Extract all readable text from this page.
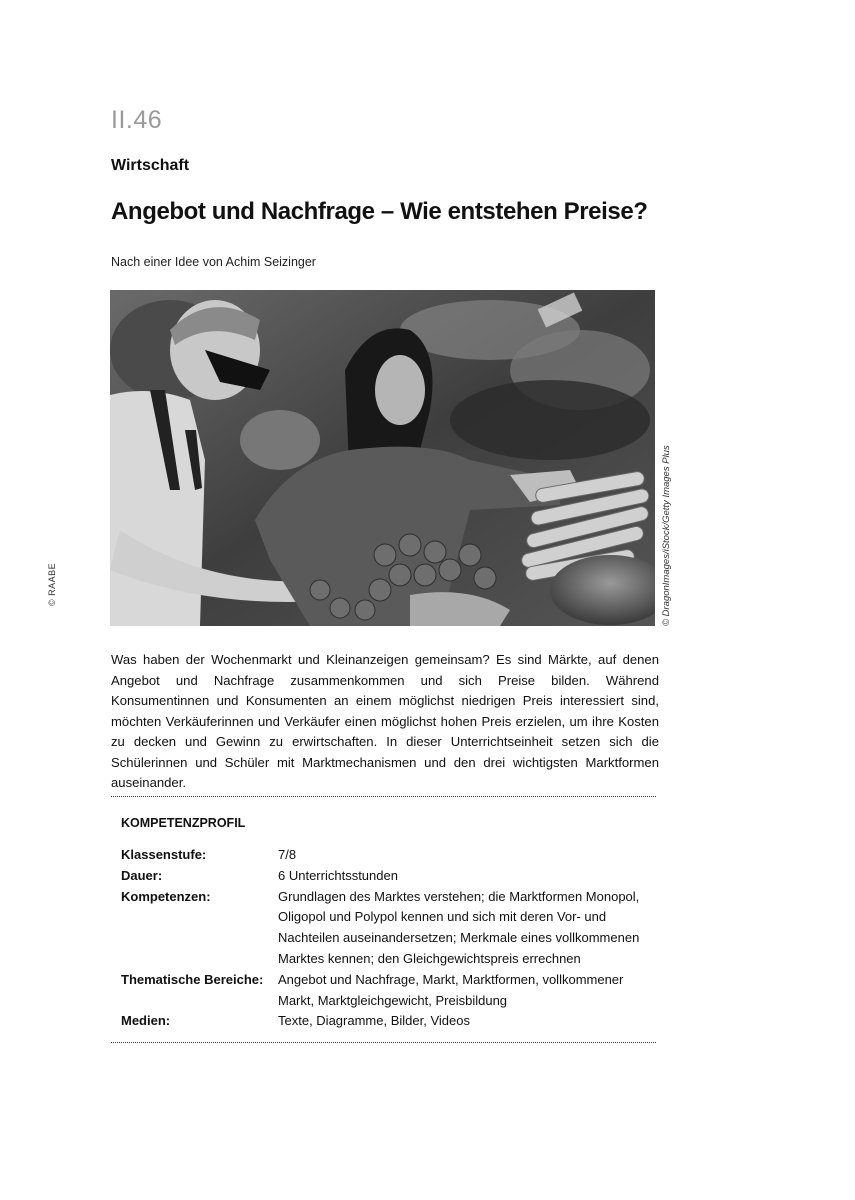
II.46
Wirtschaft
Angebot und Nachfrage – Wie entstehen Preise?
Nach einer Idee von Achim Seizinger
© DragonImages/iStock/Getty Images Plus
© RAABE
Was haben der Wochenmarkt und Kleinanzeigen gemeinsam? Es sind Märkte, auf denen Angebot und Nachfrage zusammenkommen und sich Preise bilden. Während Konsumentinnen und Konsumenten an einem möglichst niedrigen Preis interessiert sind, möchten Verkäuferinnen und Verkäufer einen möglichst hohen Preis erzielen, um ihre Kosten zu decken und Gewinn zu erwirtschaften. In dieser Unterrichtseinheit setzen sich die Schülerinnen und Schüler mit Marktmechanismen und den drei wichtigsten Marktformen auseinander.
KOMPETENZPROFIL
Klassenstufe:	7/8
Dauer:	6 Unterrichtsstunden
Kompetenzen:	Grundlagen des Marktes verstehen; die Marktformen Monopol, Oligopol und Polypol kennen und sich mit deren Vor- und Nachteilen auseinandersetzen; Merkmale eines vollkommenen Marktes kennen; den Gleichgewichtspreis errechnen
Thematische Bereiche:	Angebot und Nachfrage, Markt, Marktformen, vollkommener Markt, Marktgleichgewicht, Preisbildung
Medien:	Texte, Diagramme, Bilder, Videos
